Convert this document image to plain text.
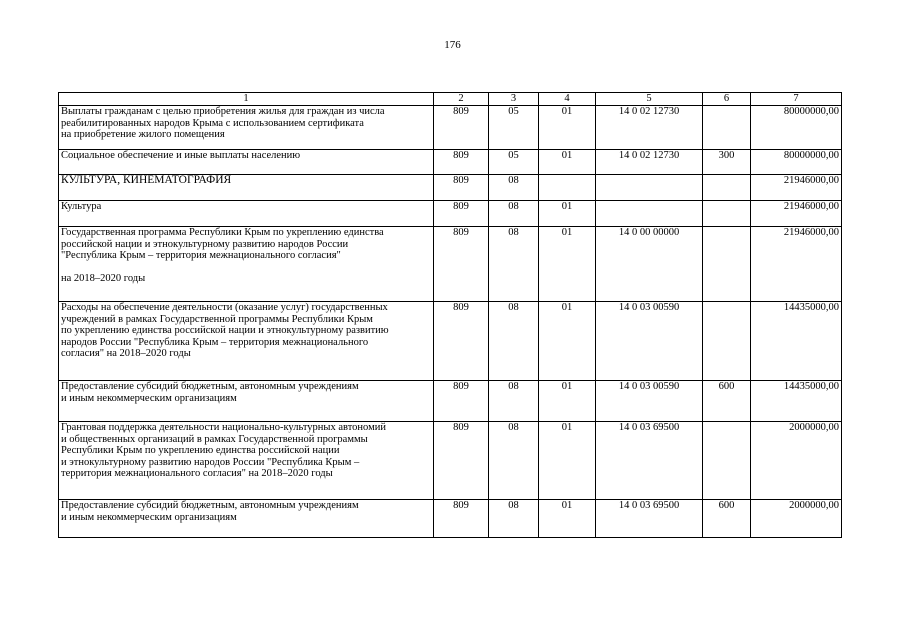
176
1	2	3	4	5	6	7
Выплаты гражданам с целью приобретения жилья для граждан из числа
реабилитированных народов Крыма с использованием сертификата
на приобретение жилого помещения	809	05	01	14 0 02 12730		80000000,00
Социальное обеспечение и иные выплаты населению	809	05	01	14 0 02 12730	300	80000000,00
КУЛЬТУРА, КИНЕМАТОГРАФИЯ	809	08				21946000,00
Культура	809	08	01			21946000,00
Государственная программа Республики Крым по укреплению единства
российской нации и этнокультурному развитию народов России
"Республика Крым – территория межнационального согласия"

на 2018–2020 годы	809	08	01	14 0 00 00000		21946000,00
Расходы на обеспечение деятельности (оказание услуг) государственных
учреждений в рамках Государственной программы Республики Крым
по укреплению единства российской нации и этнокультурному развитию
народов России "Республика Крым – территория межнационального
согласия" на 2018–2020 годы	809	08	01	14 0 03 00590		14435000,00
Предоставление субсидий бюджетным, автономным учреждениям
и иным некоммерческим организациям	809	08	01	14 0 03 00590	600	14435000,00
Грантовая поддержка деятельности национально-культурных автономий
и общественных организаций в рамках Государственной программы
Республики Крым по укреплению единства российской нации
и этнокультурному развитию народов России "Республика Крым –
территория межнационального согласия" на 2018–2020 годы	809	08	01	14 0 03 69500		2000000,00
Предоставление субсидий бюджетным, автономным учреждениям
и иным некоммерческим организациям	809	08	01	14 0 03 69500	600	2000000,00
